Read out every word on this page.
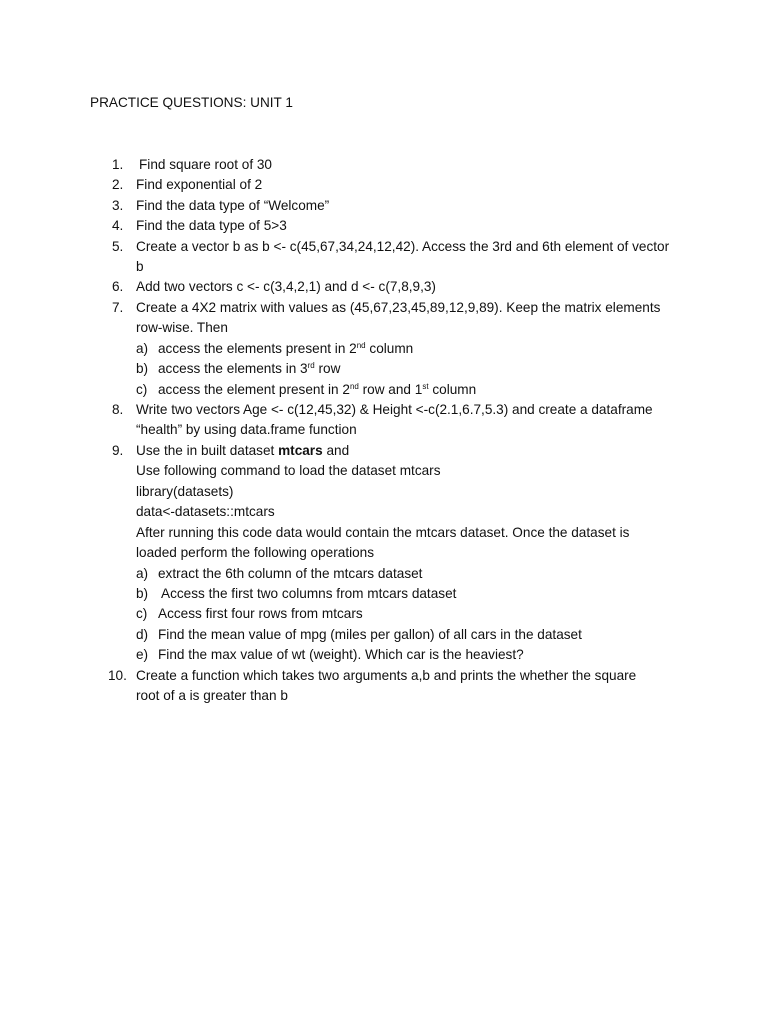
PRACTICE QUESTIONS: UNIT 1
1.	Find square root of 30
2. Find exponential of 2
3. Find the data type of “Welcome”
4. Find the data type of 5>3
5. Create a vector b as b <- c(45,67,34,24,12,42). Access the 3rd and 6th element of vector
b
6. Add two vectors c <- c(3,4,2,1) and d <- c(7,8,9,3)
7. Create a 4X2 matrix with values as (45,67,23,45,89,12,9,89). Keep the matrix elements
row-wise. Then
a) access the elements present in 2nd column
b) access the elements in 3rd row
c) access the element present in 2nd row and 1st column
8. Write two vectors Age <- c(12,45,32) & Height <-c(2.1,6.7,5.3) and create a dataframe
“health” by using data.frame function
9. Use the in built dataset mtcars and
Use following command to load the dataset mtcars
library(datasets)
data<-datasets::mtcars
After running this code data would contain the mtcars dataset. Once the dataset is
loaded perform the following operations
a) extract the 6th column of the mtcars dataset
b) Access the first two columns from mtcars dataset
c) Access first four rows from mtcars
d) Find the mean value of mpg (miles per gallon) of all cars in the dataset
e) Find the max value of wt (weight). Which car is the heaviest?
10. Create a function which takes two arguments a,b and prints the whether the square
root of a is greater than b
